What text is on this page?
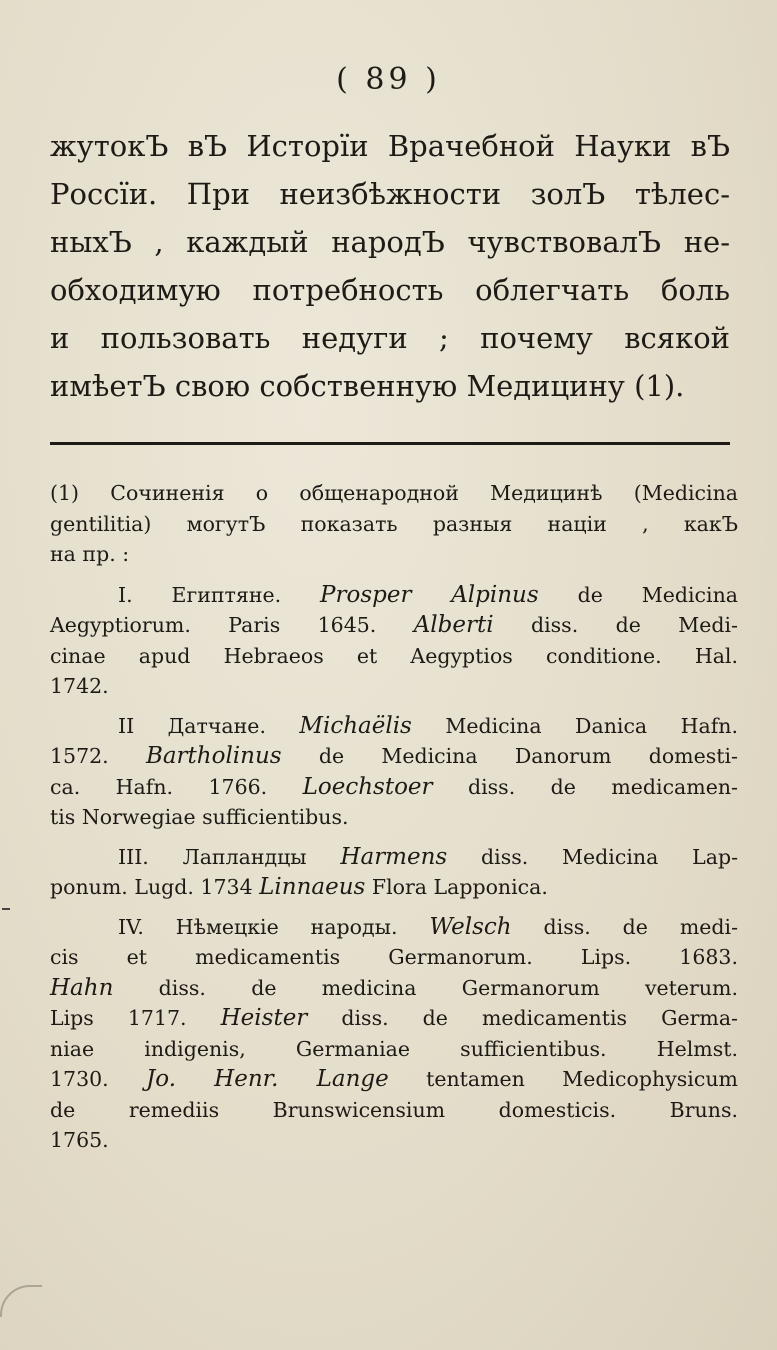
( 89 )
жутокЪ вЪ Исторїи Врачебной Науки вЪ
Россїи. При неизбѣжности золЪ тѣлес-
ныхЪ , каждый народЪ чувствовалЪ не-
обходимую потребность облегчать боль
и пользовать недуги ; почему всякой
имѣетЪ свою собственную Медицину (1).
(1) Сочиненія о общенародной Медицинѣ (Medicina
gentilitia) могутЪ показать разныя націи , какЪ
на пр. :
I. Египтяне. Prosper Alpinus de Medicina
Aegyptiorum. Paris 1645. Alberti diss. de Medi-
cinae apud Hebraeos et Aegyptios conditione. Hal.
1742.
II Датчане. Michaëlis Medicina Danica Hafn.
1572. Bartholinus de Medicina Danorum domesti-
ca. Hafn. 1766. Loechstoer diss. de medicamen-
tis Norwegiae sufficientibus.
III. Лапландцы Harmens diss. Medicina Lap-
ponum. Lugd. 1734 Linnaeus Flora Lapponica.
IV. Нѣмецкіе народы. Welsch diss. de medi-
cis et medicamentis Germanorum. Lips. 1683.
Hahn diss. de medicina Germanorum veterum.
Lips 1717. Heister diss. de medicamentis Germa-
niae indigenis, Germaniae sufficientibus. Helmst.
1730. Jo. Henr. Lange tentamen Medicophysicum
de remediis Brunswicensium domesticis. Bruns.
1765.
